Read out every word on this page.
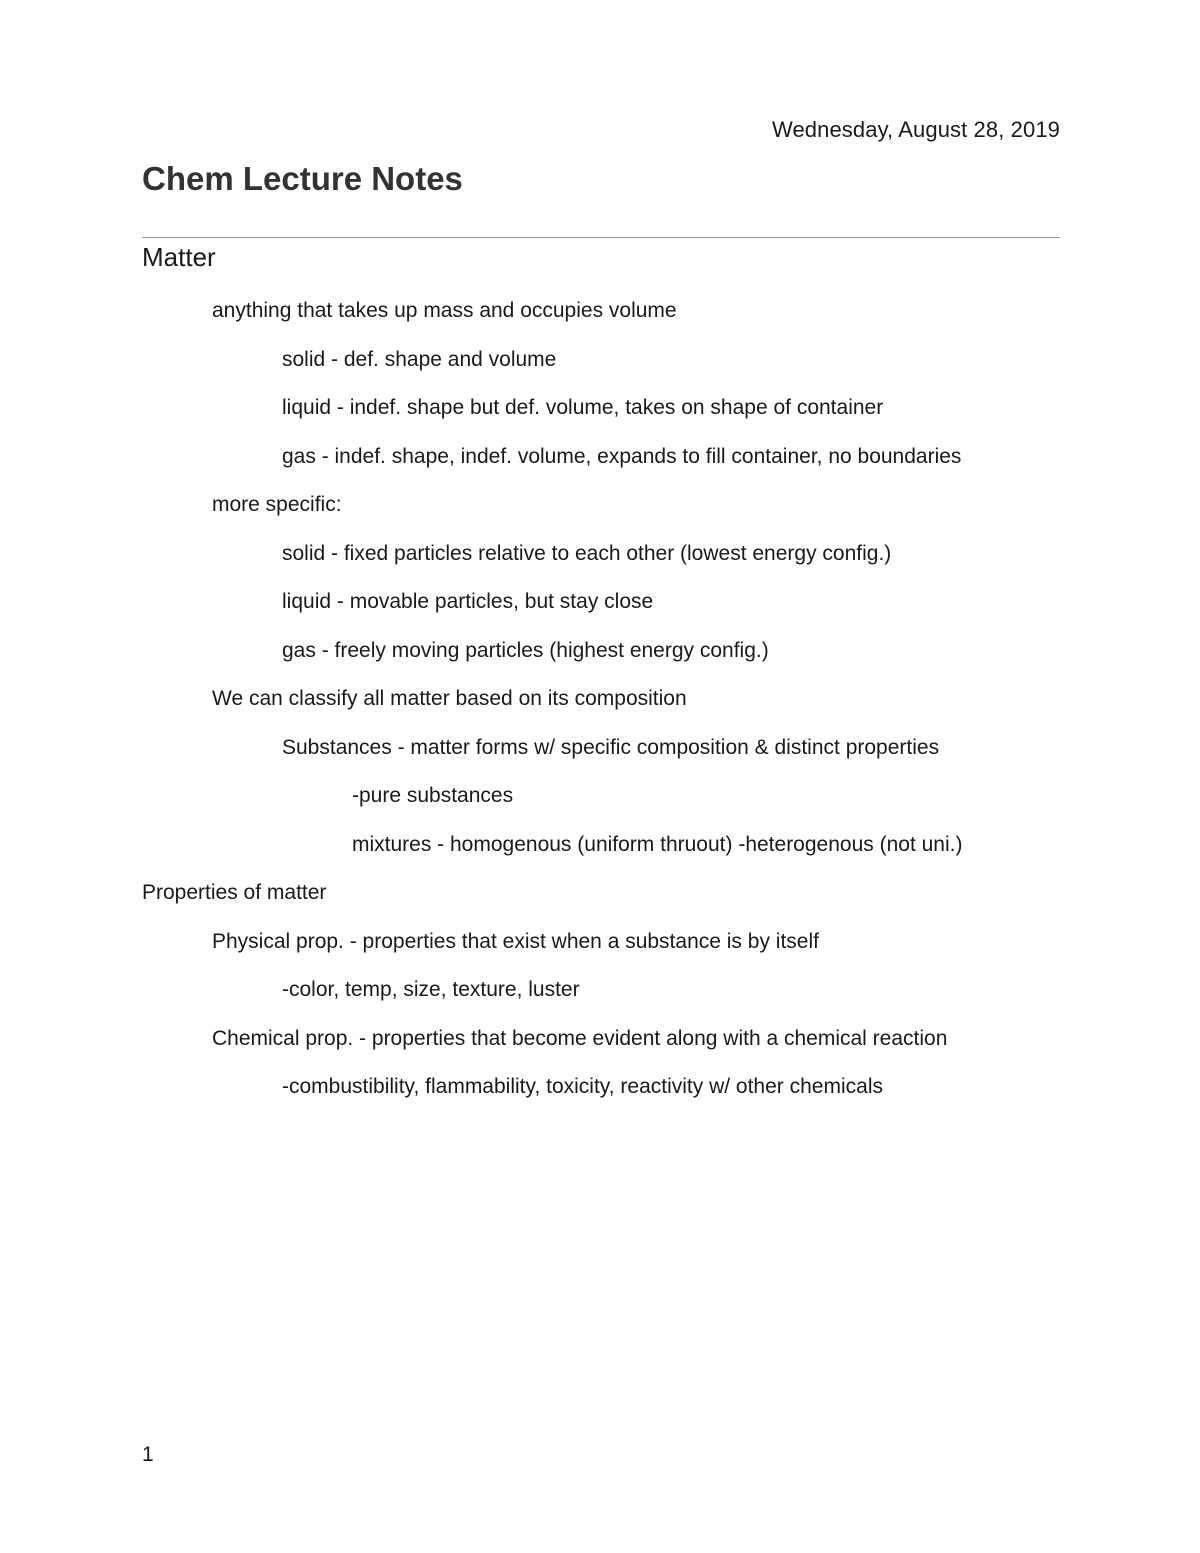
Wednesday, August 28, 2019
Chem Lecture Notes
Matter
anything that takes up mass and occupies volume
solid - def. shape and volume
liquid - indef. shape but def. volume, takes on shape of container
gas - indef. shape, indef. volume, expands to fill container, no boundaries
more specific:
solid - fixed particles relative to each other (lowest energy config.)
liquid - movable particles, but stay close
gas - freely moving particles (highest energy config.)
We can classify all matter based on its composition
Substances - matter forms w/ specific composition & distinct properties
-pure substances
mixtures - homogenous (uniform thruout) -heterogenous (not uni.)
Properties of matter
Physical prop. - properties that exist when a substance is by itself
-color, temp, size, texture, luster
Chemical prop. - properties that become evident along with a chemical reaction
-combustibility, flammability, toxicity, reactivity w/ other chemicals
1
